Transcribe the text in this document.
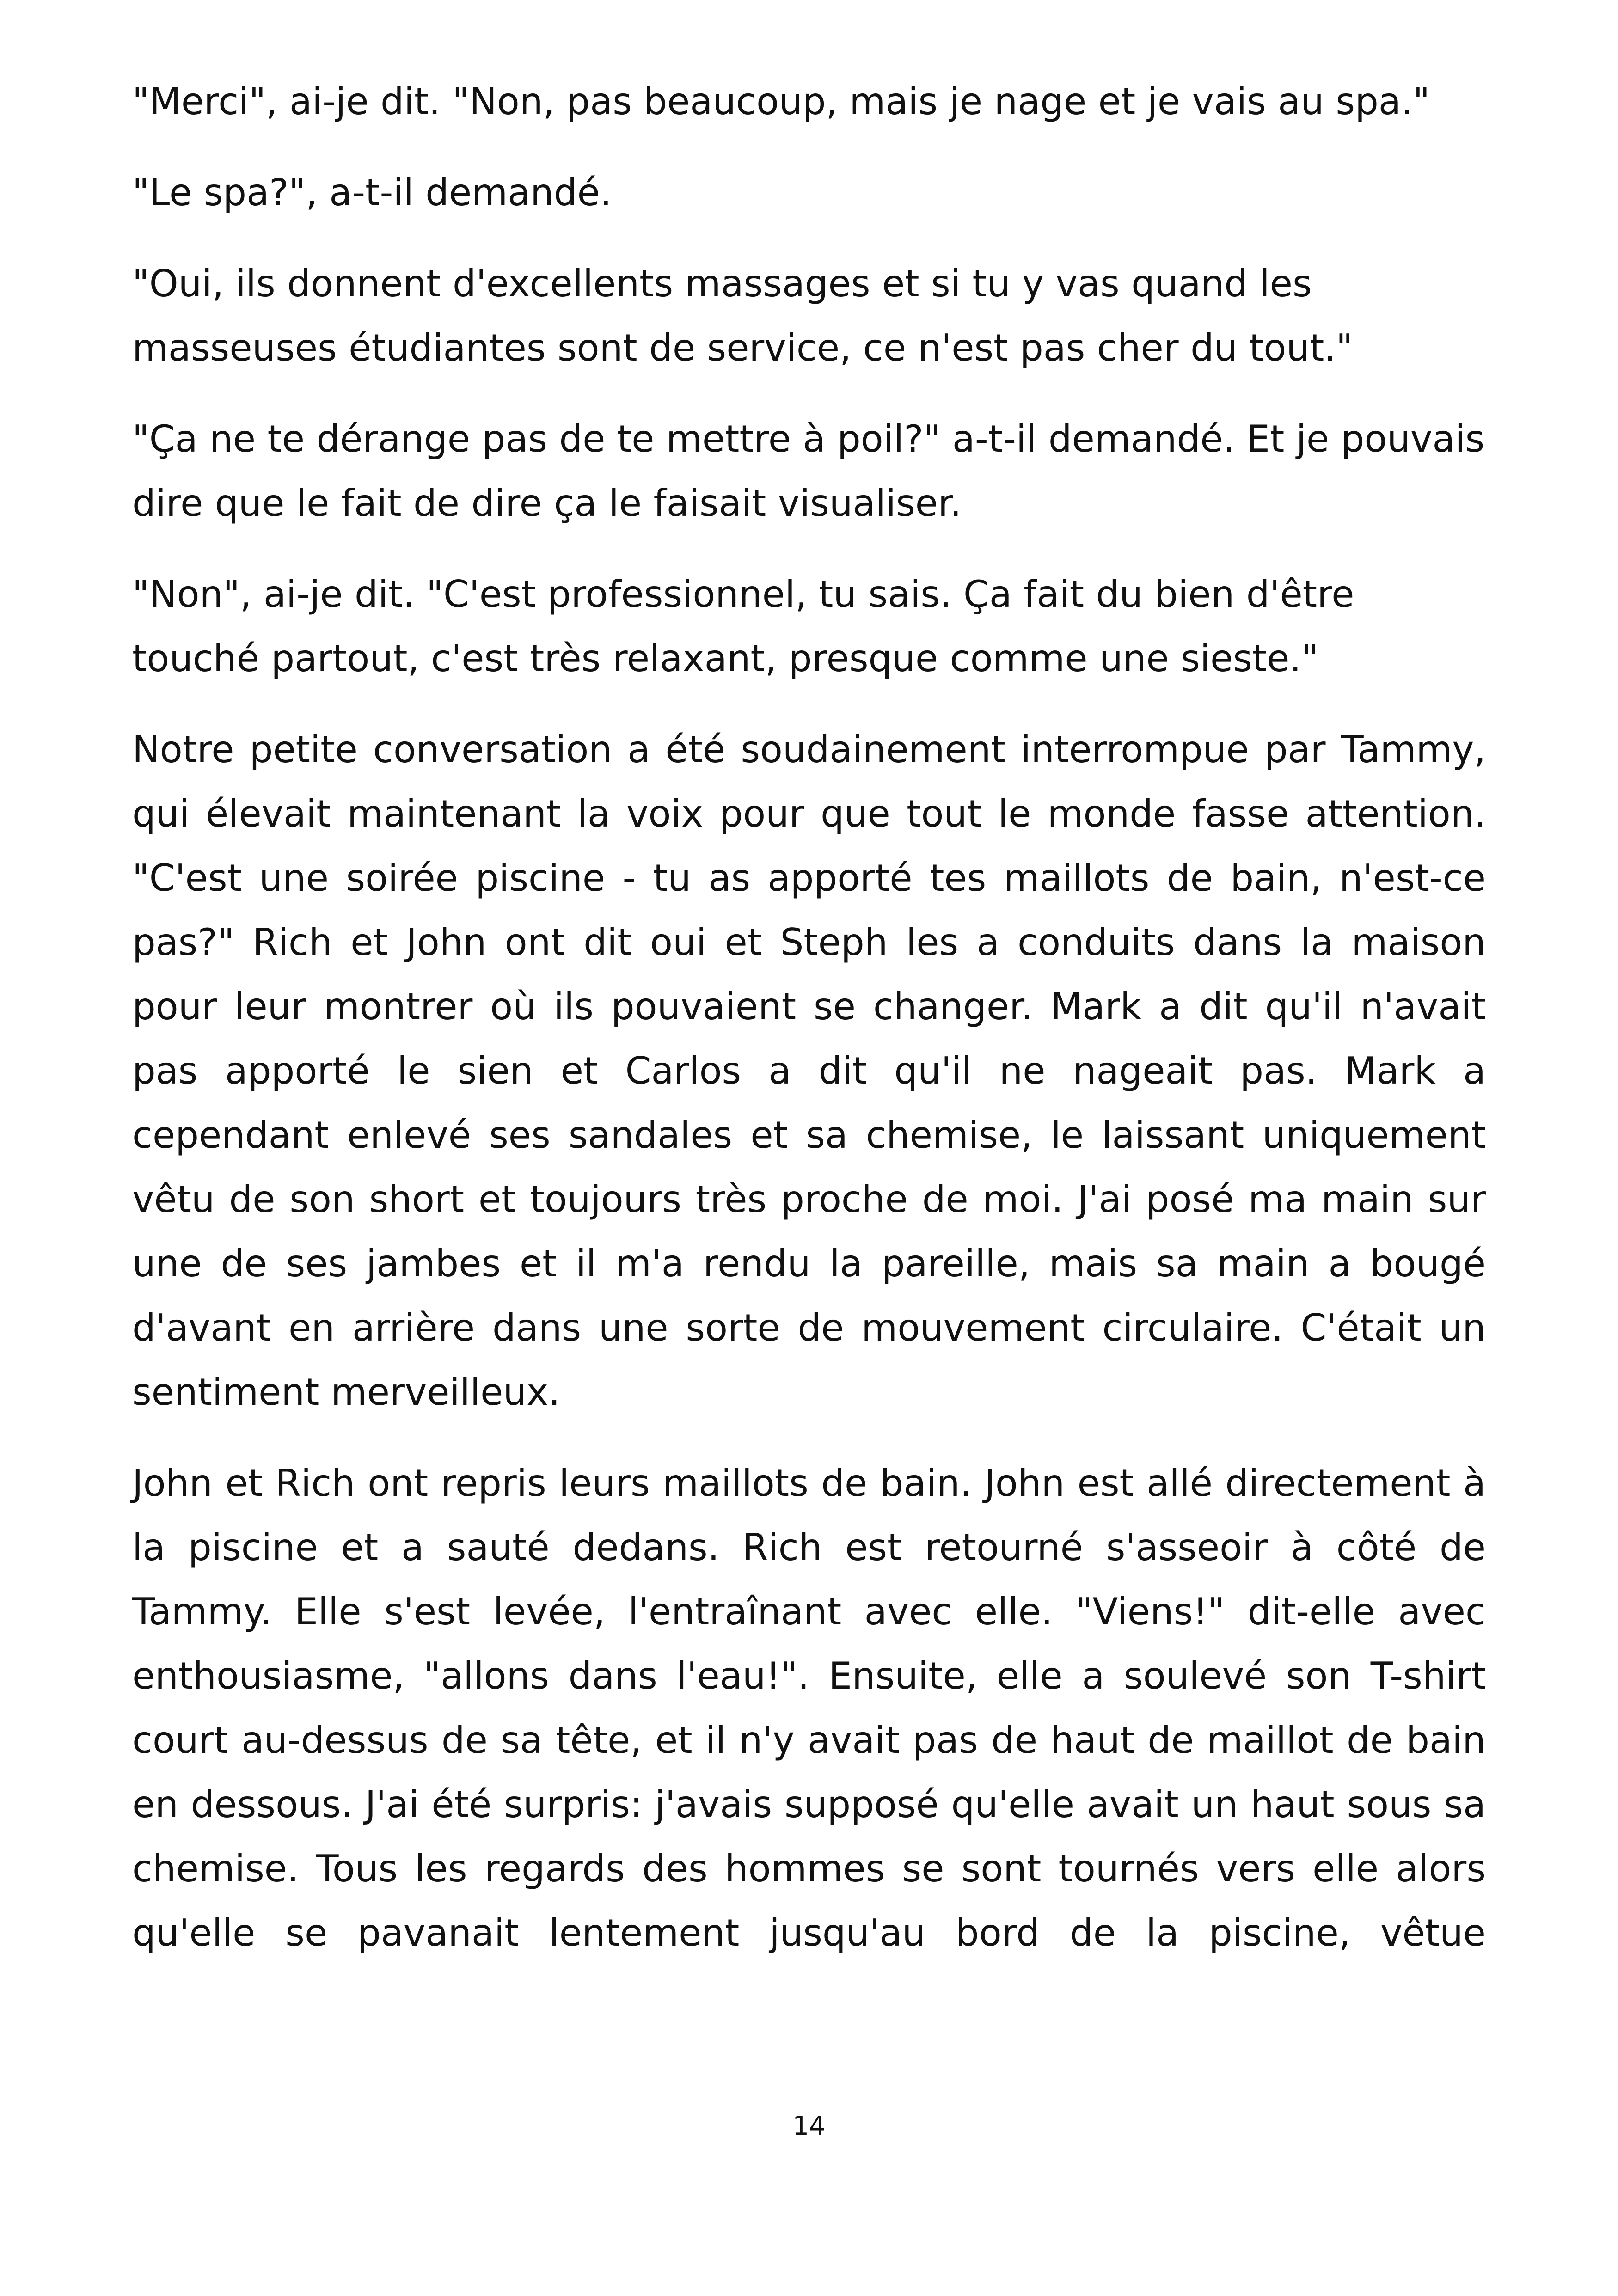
"Merci", ai-je dit. "Non, pas beaucoup, mais je nage et je vais au spa."

"Le spa?", a-t-il demandé.

"Oui, ils donnent d'excellents massages et si tu y vas quand les masseuses étudiantes sont de service, ce n'est pas cher du tout."

"Ça ne te dérange pas de te mettre à poil?" a-t-il demandé. Et je pouvais dire que le fait de dire ça le faisait visualiser.

"Non", ai-je dit. "C'est professionnel, tu sais. Ça fait du bien d'être touché partout, c'est très relaxant, presque comme une sieste."

Notre petite conversation a été soudainement interrompue par Tammy, qui élevait maintenant la voix pour que tout le monde fasse attention. "C'est une soirée piscine - tu as apporté tes maillots de bain, n'est-ce pas?" Rich et John ont dit oui et Steph les a conduits dans la maison pour leur montrer où ils pouvaient se changer. Mark a dit qu'il n'avait pas apporté le sien et Carlos a dit qu'il ne nageait pas. Mark a cependant enlevé ses sandales et sa chemise, le laissant uniquement vêtu de son short et toujours très proche de moi. J'ai posé ma main sur une de ses jambes et il m'a rendu la pareille, mais sa main a bougé d'avant en arrière dans une sorte de mouvement circulaire. C'était un sentiment merveilleux.

John et Rich ont repris leurs maillots de bain. John est allé directement à la piscine et a sauté dedans. Rich est retourné s'asseoir à côté de Tammy. Elle s'est levée, l'entraînant avec elle. "Viens!" dit-elle avec enthousiasme, "allons dans l'eau!". Ensuite, elle a soulevé son T-shirt court au-dessus de sa tête, et il n'y avait pas de haut de maillot de bain en dessous. J'ai été surpris: j'avais supposé qu'elle avait un haut sous sa chemise. Tous les regards des hommes se sont tournés vers elle alors qu'elle se pavanait lentement jusqu'au bord de la piscine, vêtue

14
